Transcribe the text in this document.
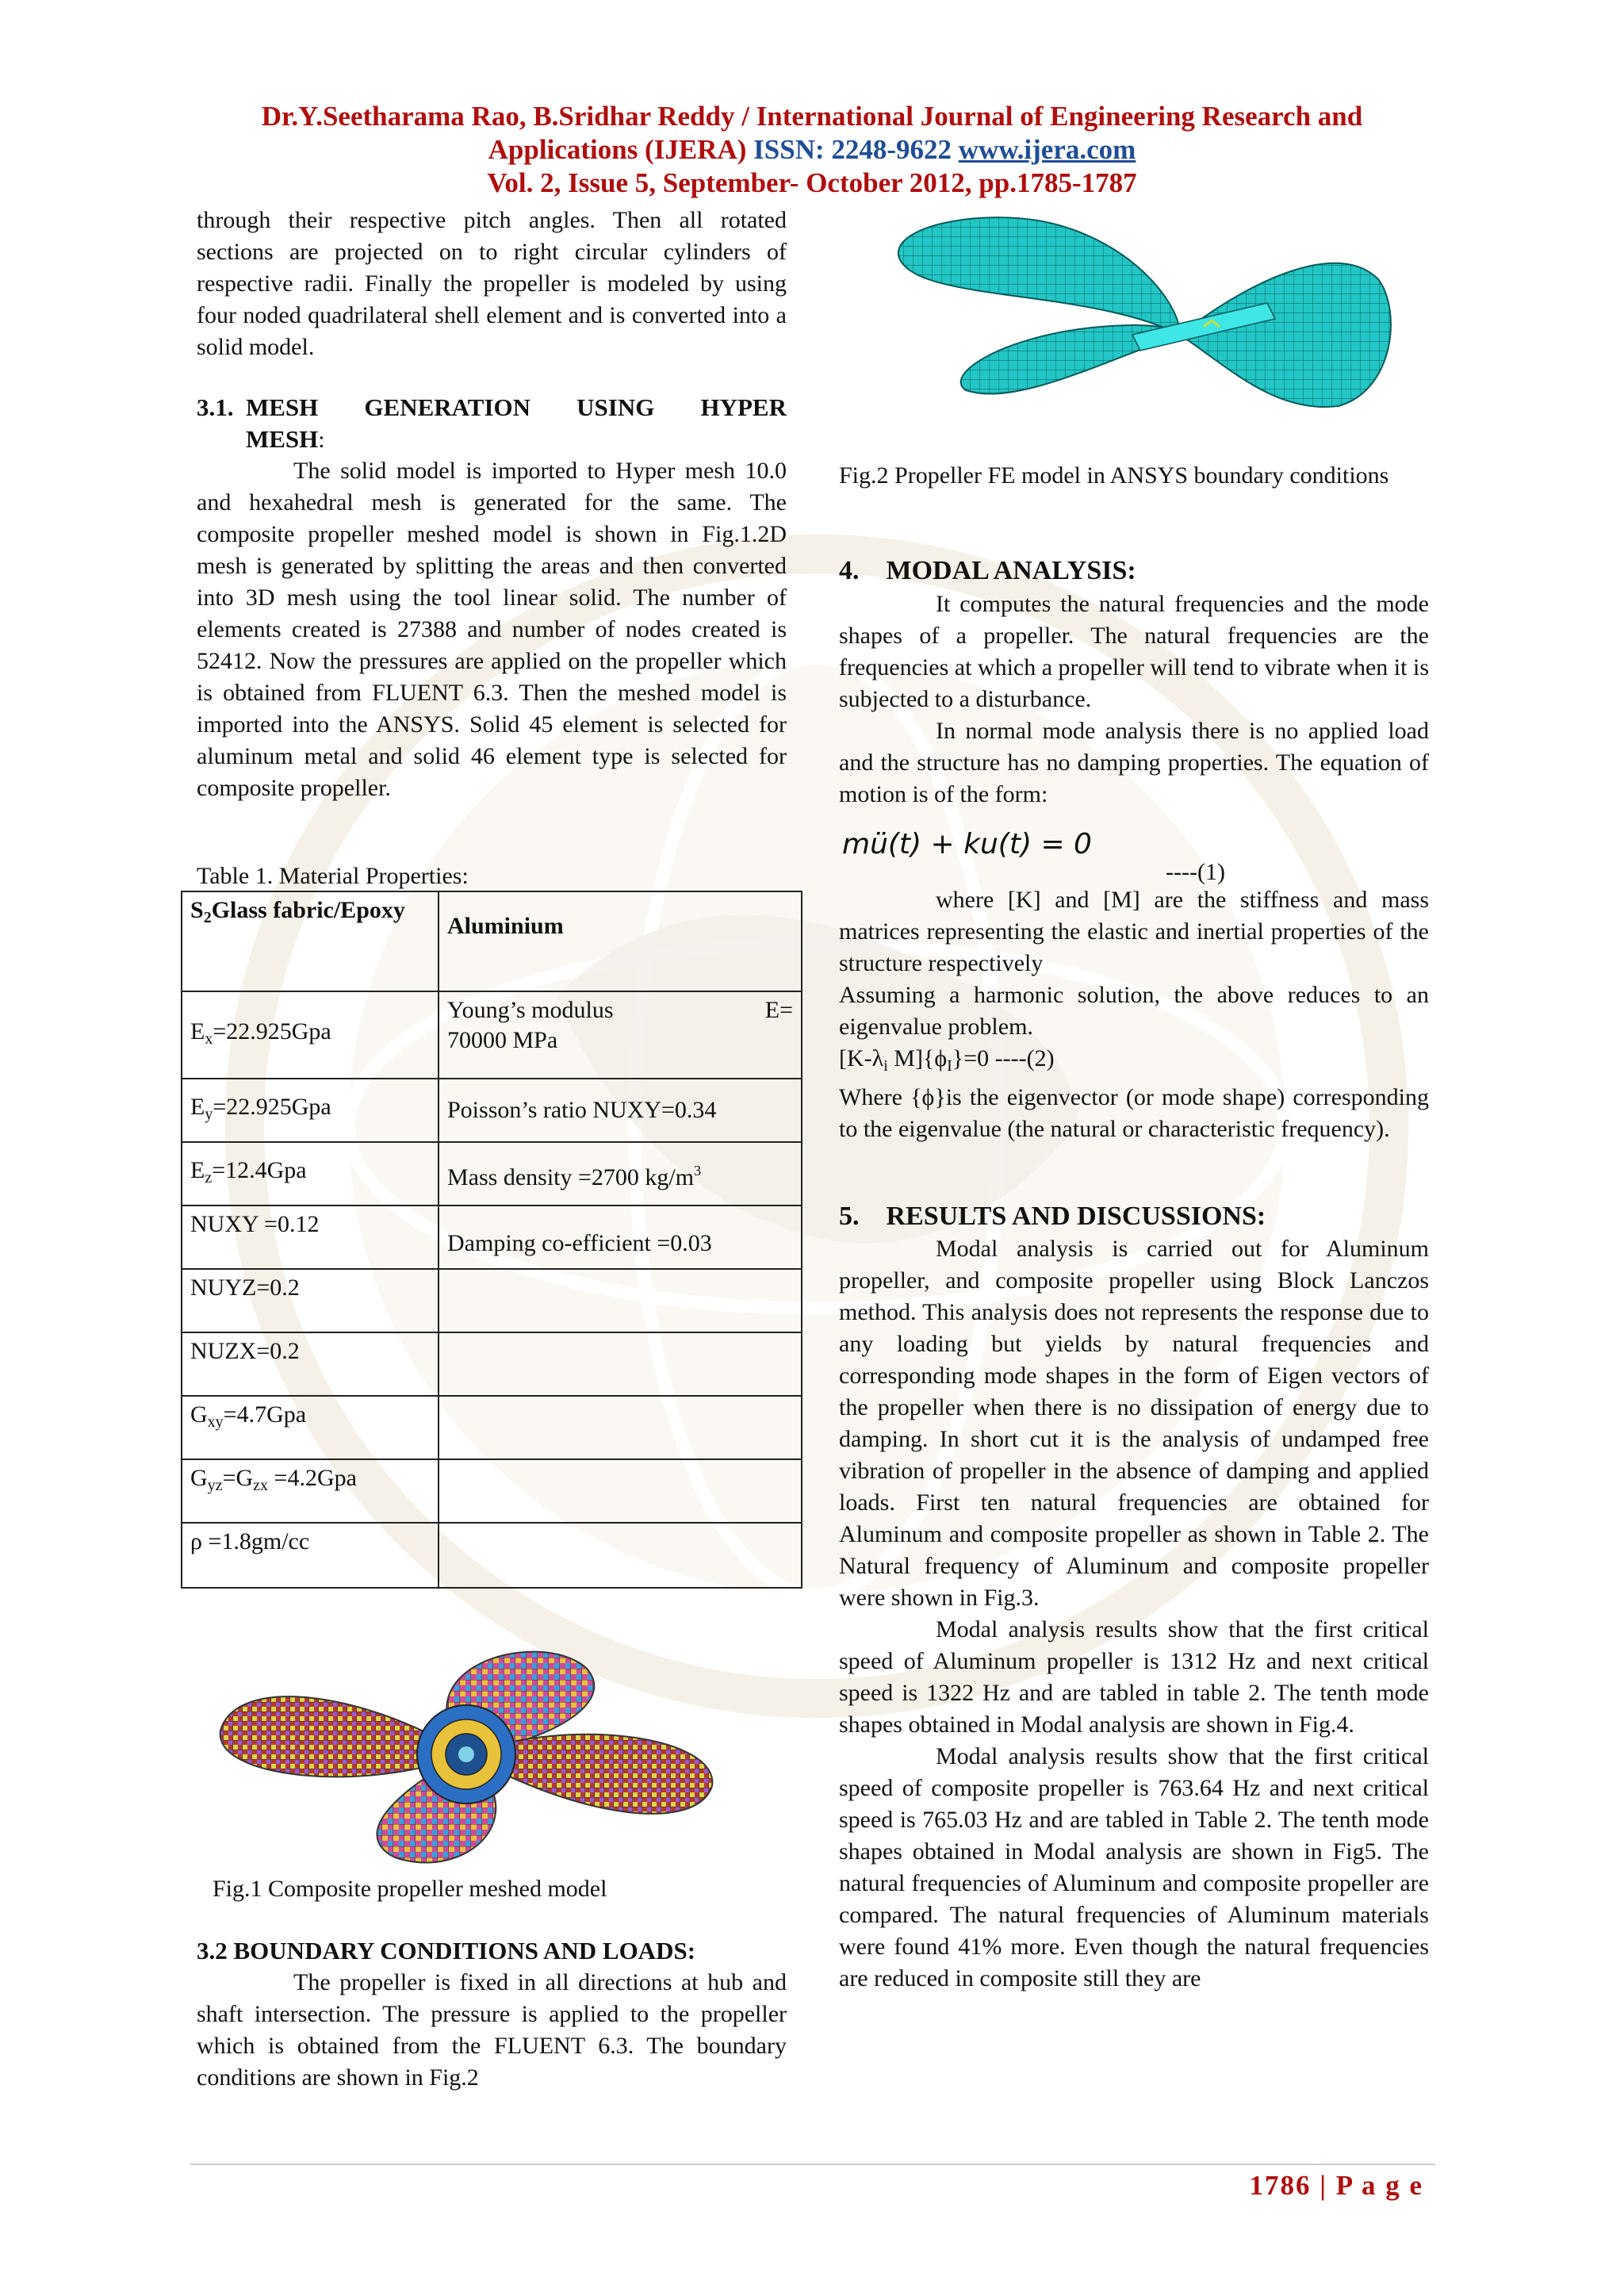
Dr.Y.Seetharama Rao, B.Sridhar Reddy / International Journal of Engineering Research and
Applications (IJERA) ISSN: 2248-9622 www.ijera.com
Vol. 2, Issue 5, September- October 2012, pp.1785-1787

through their respective pitch angles. Then all rotated sections are projected on to right circular cylinders of respective radii. Finally the propeller is modeled by using four noded quadrilateral shell element and is converted into a solid model.

3.1. MESH GENERATION USING HYPER
MESH:

The solid model is imported to Hyper mesh 10.0 and hexahedral mesh is generated for the same. The composite propeller meshed model is shown in Fig.1.2D mesh is generated by splitting the areas and then converted into 3D mesh using the tool linear solid. The number of elements created is 27388 and number of nodes created is 52412. Now the pressures are applied on the propeller which is obtained from FLUENT 6.3. Then the meshed model is imported into the ANSYS. Solid 45 element is selected for aluminum metal and solid 46 element type is selected for composite propeller.

Table 1. Material Properties:
$S_2Glass$ fabric/Epoxy	Aluminium
$E_x=22.925Gpa$	Young’s modulus E=
70000 MPa

$E_y=22.925Gpa$	Poisson’s ratio NUXY=0.34
$E_z=12.4Gpa$	Mass density =2700 $kg/m^3$
NUXY =0.12	Damping co-efficient =0.03
NUYZ=0.2	
NUZX=0.2	
$G_{xy}=4.7Gpa$	
$G_{yz}=G_{zx} =4.2Gpa$	
ρ =1.8gm/cc	
Fig.1 Composite propeller meshed model
3.2 BOUNDARY CONDITIONS AND LOADS:

The propeller is fixed in all directions at hub and shaft intersection. The pressure is applied to the propeller which is obtained from the FLUENT 6.3. The boundary conditions are shown in Fig.2

Fig.2 Propeller FE model in ANSYS boundary conditions

4.    MODAL ANALYSIS:

It computes the natural frequencies and the mode shapes of a propeller. The natural frequencies are the frequencies at which a propeller will tend to vibrate when it is subjected to a disturbance.

In normal mode analysis there is no applied load and the structure has no damping properties. The equation of motion is of the form:

mü(t) + ku(t) = 0
----(1)

where [K] and [M] are the stiffness and mass matrices representing the elastic and inertial properties of the structure respectively

Assuming a harmonic solution, the above reduces to an eigenvalue problem.

[$K-\lambda_i$ $M]\{\phi_I\}=0$ ----(2)

Where {ϕ}is the eigenvector (or mode shape) corresponding to the eigenvalue (the natural or characteristic frequency).

5.    RESULTS AND DISCUSSIONS:

Modal analysis is carried out for Aluminum propeller, and composite propeller using Block Lanczos method. This analysis does not represents the response due to any loading but yields by natural frequencies and corresponding mode shapes in the form of Eigen vectors of the propeller when there is no dissipation of energy due to damping. In short cut it is the analysis of undamped free vibration of propeller in the absence of damping and applied loads. First ten natural frequencies are obtained for Aluminum and composite propeller as shown in Table 2. The Natural frequency of Aluminum and composite propeller were shown in Fig.3.

Modal analysis results show that the first critical speed of Aluminum propeller is 1312 Hz and next critical speed is 1322 Hz and are tabled in table 2. The tenth mode shapes obtained in Modal analysis are shown in Fig.4.

Modal analysis results show that the first critical speed of composite propeller is 763.64 Hz and next critical speed is 765.03 Hz and are tabled in Table 2. The tenth mode shapes obtained in Modal analysis are shown in Fig5. The natural frequencies of Aluminum and composite propeller are compared. The natural frequencies of Aluminum materials were found 41% more. Even though the natural frequencies are reduced in composite still they are

1786 | P a g e
